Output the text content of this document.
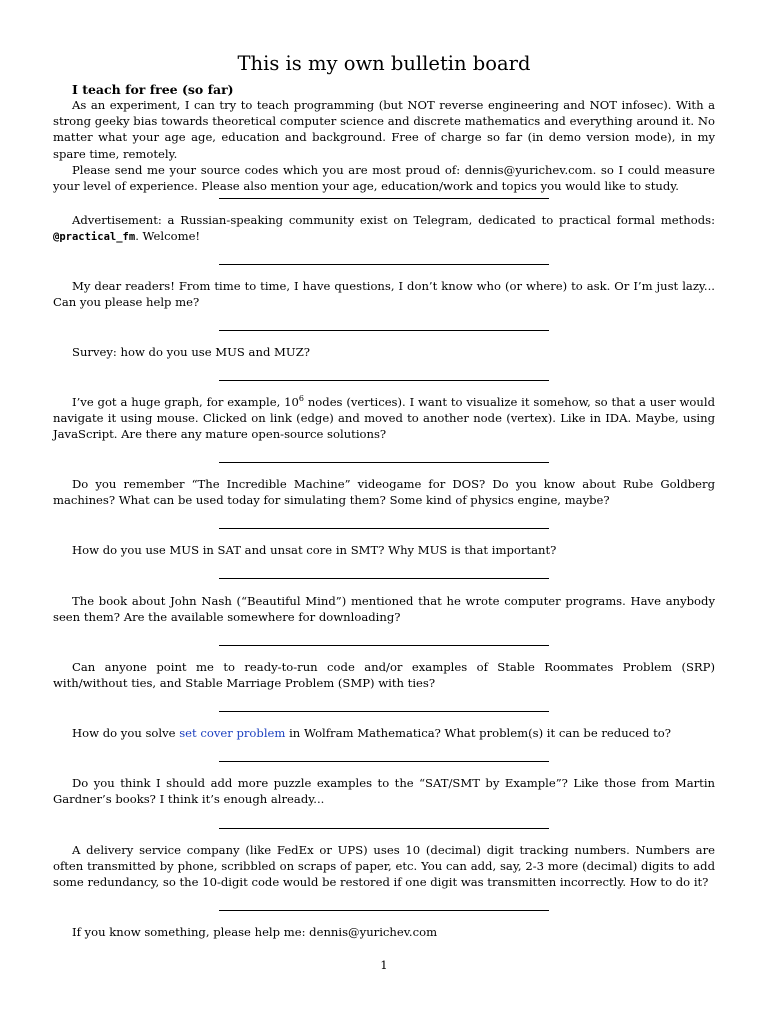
This is my own bulletin board
I teach for free (so far)

As an experiment, I can try to teach programming (but NOT reverse engineering and NOT infosec). With a strong geeky bias towards theoretical computer science and discrete mathematics and everything around it. No matter what your age age, education and background. Free of charge so far (in demo version mode), in my spare time, remotely.

Please send me your source codes which you are most proud of: dennis@yurichev.com. so I could measure your level of experience. Please also mention your age, education/work and topics you would like to study.

Advertisement: a Russian-speaking community exist on Telegram, dedicated to practical formal methods: @practical_fm. Welcome!

My dear readers! From time to time, I have questions, I don’t know who (or where) to ask. Or I’m just lazy... Can you please help me?

Survey: how do you use MUS and MUZ?

I’ve got a huge graph, for example, $10^6$ nodes (vertices). I want to visualize it somehow, so that a user would navigate it using mouse. Clicked on link (edge) and moved to another node (vertex). Like in IDA. Maybe, using JavaScript. Are there any mature open-source solutions?

Do you remember “The Incredible Machine” videogame for DOS? Do you know about Rube Goldberg machines? What can be used today for simulating them? Some kind of physics engine, maybe?

How do you use MUS in SAT and unsat core in SMT? Why MUS is that important?

The book about John Nash (“Beautiful Mind”) mentioned that he wrote computer programs. Have anybody seen them? Are the available somewhere for downloading?

Can anyone point me to ready-to-run code and/or examples of Stable Roommates Problem (SRP) with/without ties, and Stable Marriage Problem (SMP) with ties?

How do you solve set cover problem in Wolfram Mathematica? What problem(s) it can be reduced to?

Do you think I should add more puzzle examples to the “SAT/SMT by Example”? Like those from Martin Gardner’s books? I think it’s enough already...

A delivery service company (like FedEx or UPS) uses 10 (decimal) digit tracking numbers. Numbers are often transmitted by phone, scribbled on scraps of paper, etc. You can add, say, 2-3 more (decimal) digits to add some redundancy, so the 10-digit code would be restored if one digit was transmitten incorrectly. How to do it?

If you know something, please help me: dennis@yurichev.com

1
